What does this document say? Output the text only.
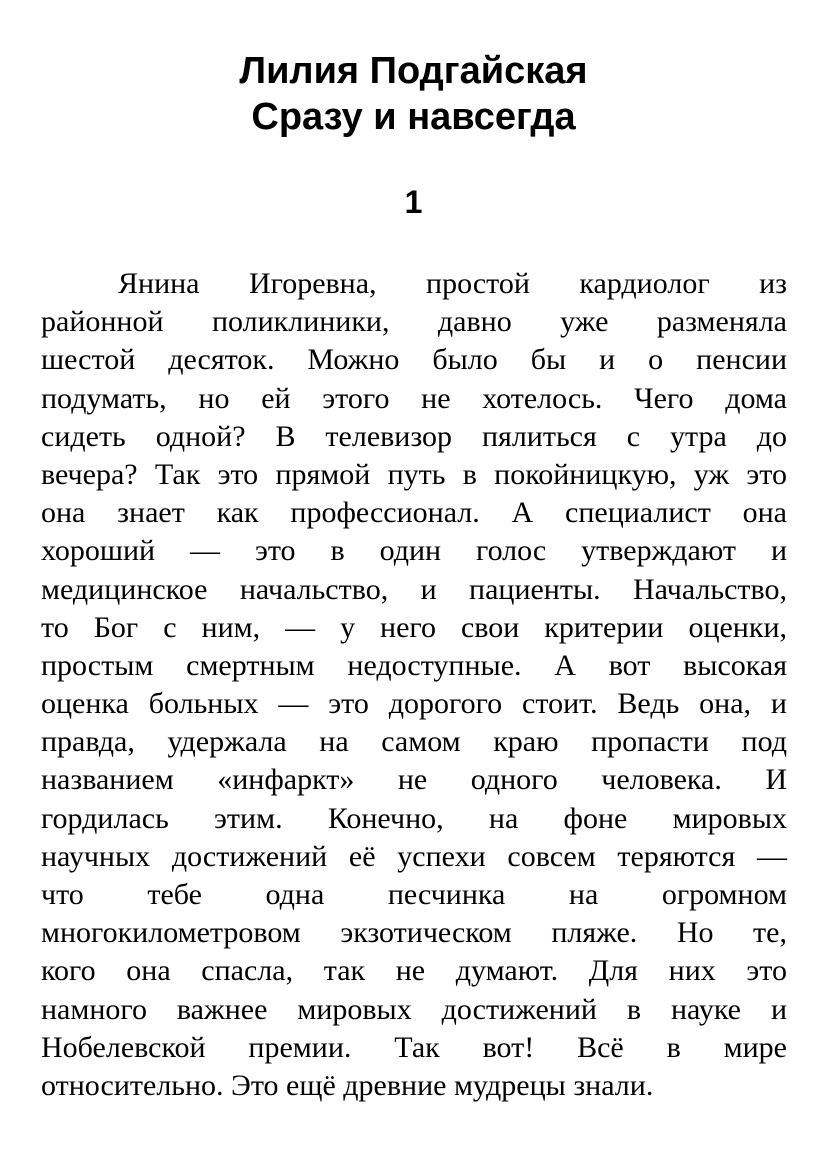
Лилия Подгайская
Сразу и навсегда
1
Янина Игоревна, простой кардиолог из
районной поликлиники, давно уже разменяла
шестой десяток. Можно было бы и о пенсии
подумать, но ей этого не хотелось. Чего дома
сидеть одной? В телевизор пялиться с утра до
вечера? Так это прямой путь в покойницкую, уж это
она знает как профессионал. А специалист она
хороший — это в один голос утверждают и
медицинское начальство, и пациенты. Начальство,
то Бог с ним, — у него свои критерии оценки,
простым смертным недоступные. А вот высокая
оценка больных — это дорогого стоит. Ведь она, и
правда, удержала на самом краю пропасти под
названием «инфаркт» не одного человека. И
гордилась этим. Конечно, на фоне мировых
научных достижений её успехи совсем теряются —
что тебе одна песчинка на огромном
многокилометровом экзотическом пляже. Но те,
кого она спасла, так не думают. Для них это
намного важнее мировых достижений в науке и
Нобелевской премии. Так вот! Всё в мире
относительно. Это ещё древние мудрецы знали.
